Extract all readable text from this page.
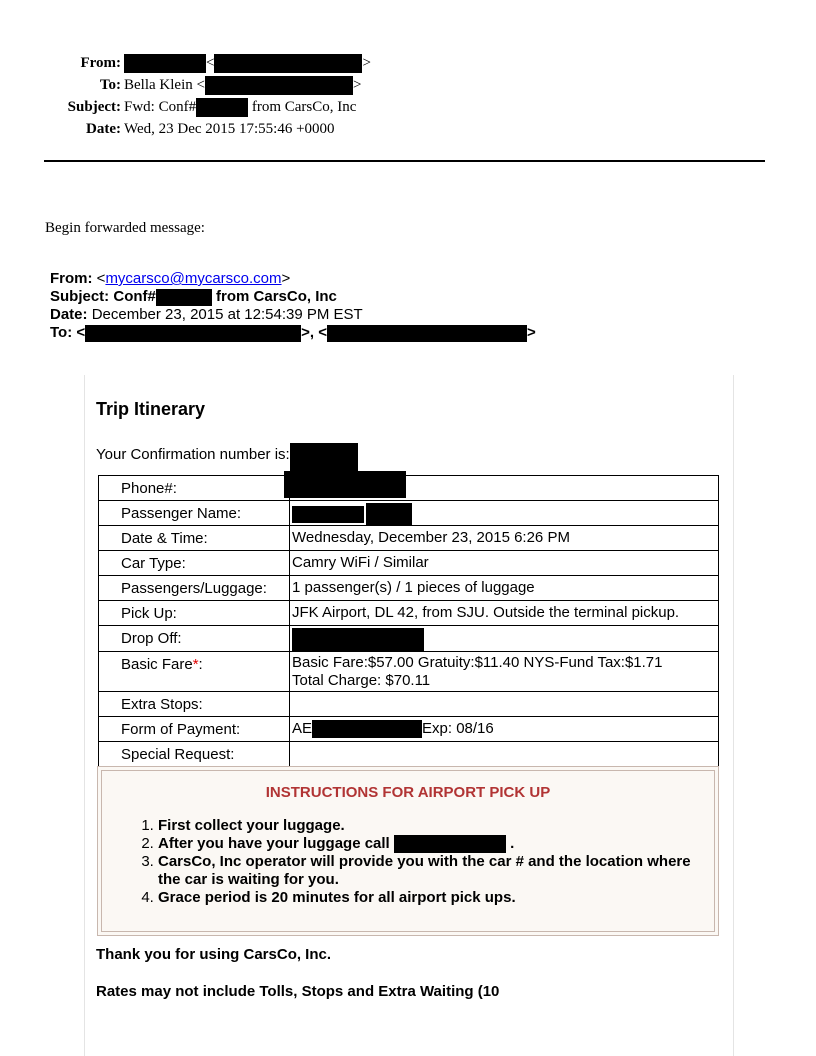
From:	<	>
To: Bella Klein <	>
Subject: Fwd: Conf#	from CarsCo, Inc
Date: Wed, 23 Dec 2015 17:55:46 +0000
Begin forwarded message:
From: <mycarsco@mycarsco.com>
Subject: Conf#	from CarsCo, Inc
Date: December 23, 2015 at 12:54:39 PM EST
To: <	>, <	>
Trip Itinerary
Your Confirmation number is:
Phone#:	
Passenger Name:	
Date & Time:	Wednesday, December 23, 2015 6:26 PM
Car Type:	Camry WiFi / Similar
Passengers/Luggage:	1 passenger(s) / 1 pieces of luggage
Pick Up:	JFK Airport, DL 42, from SJU. Outside the terminal pickup.
Drop Off:	
Basic Fare*:	Basic Fare:$57.00 Gratuity:$11.40 NYS-Fund Tax:$1.71
Total Charge: $70.11

Extra Stops:	
Form of Payment:	AE Exp: 08/16
Special Request:	
INSTRUCTIONS FOR AIRPORT PICK UP
1. First collect your luggage.
2. After you have your luggage call	.
3. CarsCo, Inc operator will provide you with the car # and the location where the car is waiting for you.
4. Grace period is 20 minutes for all airport pick ups.
Thank you for using CarsCo, Inc.
Rates may not include Tolls, Stops and Extra Waiting (10
